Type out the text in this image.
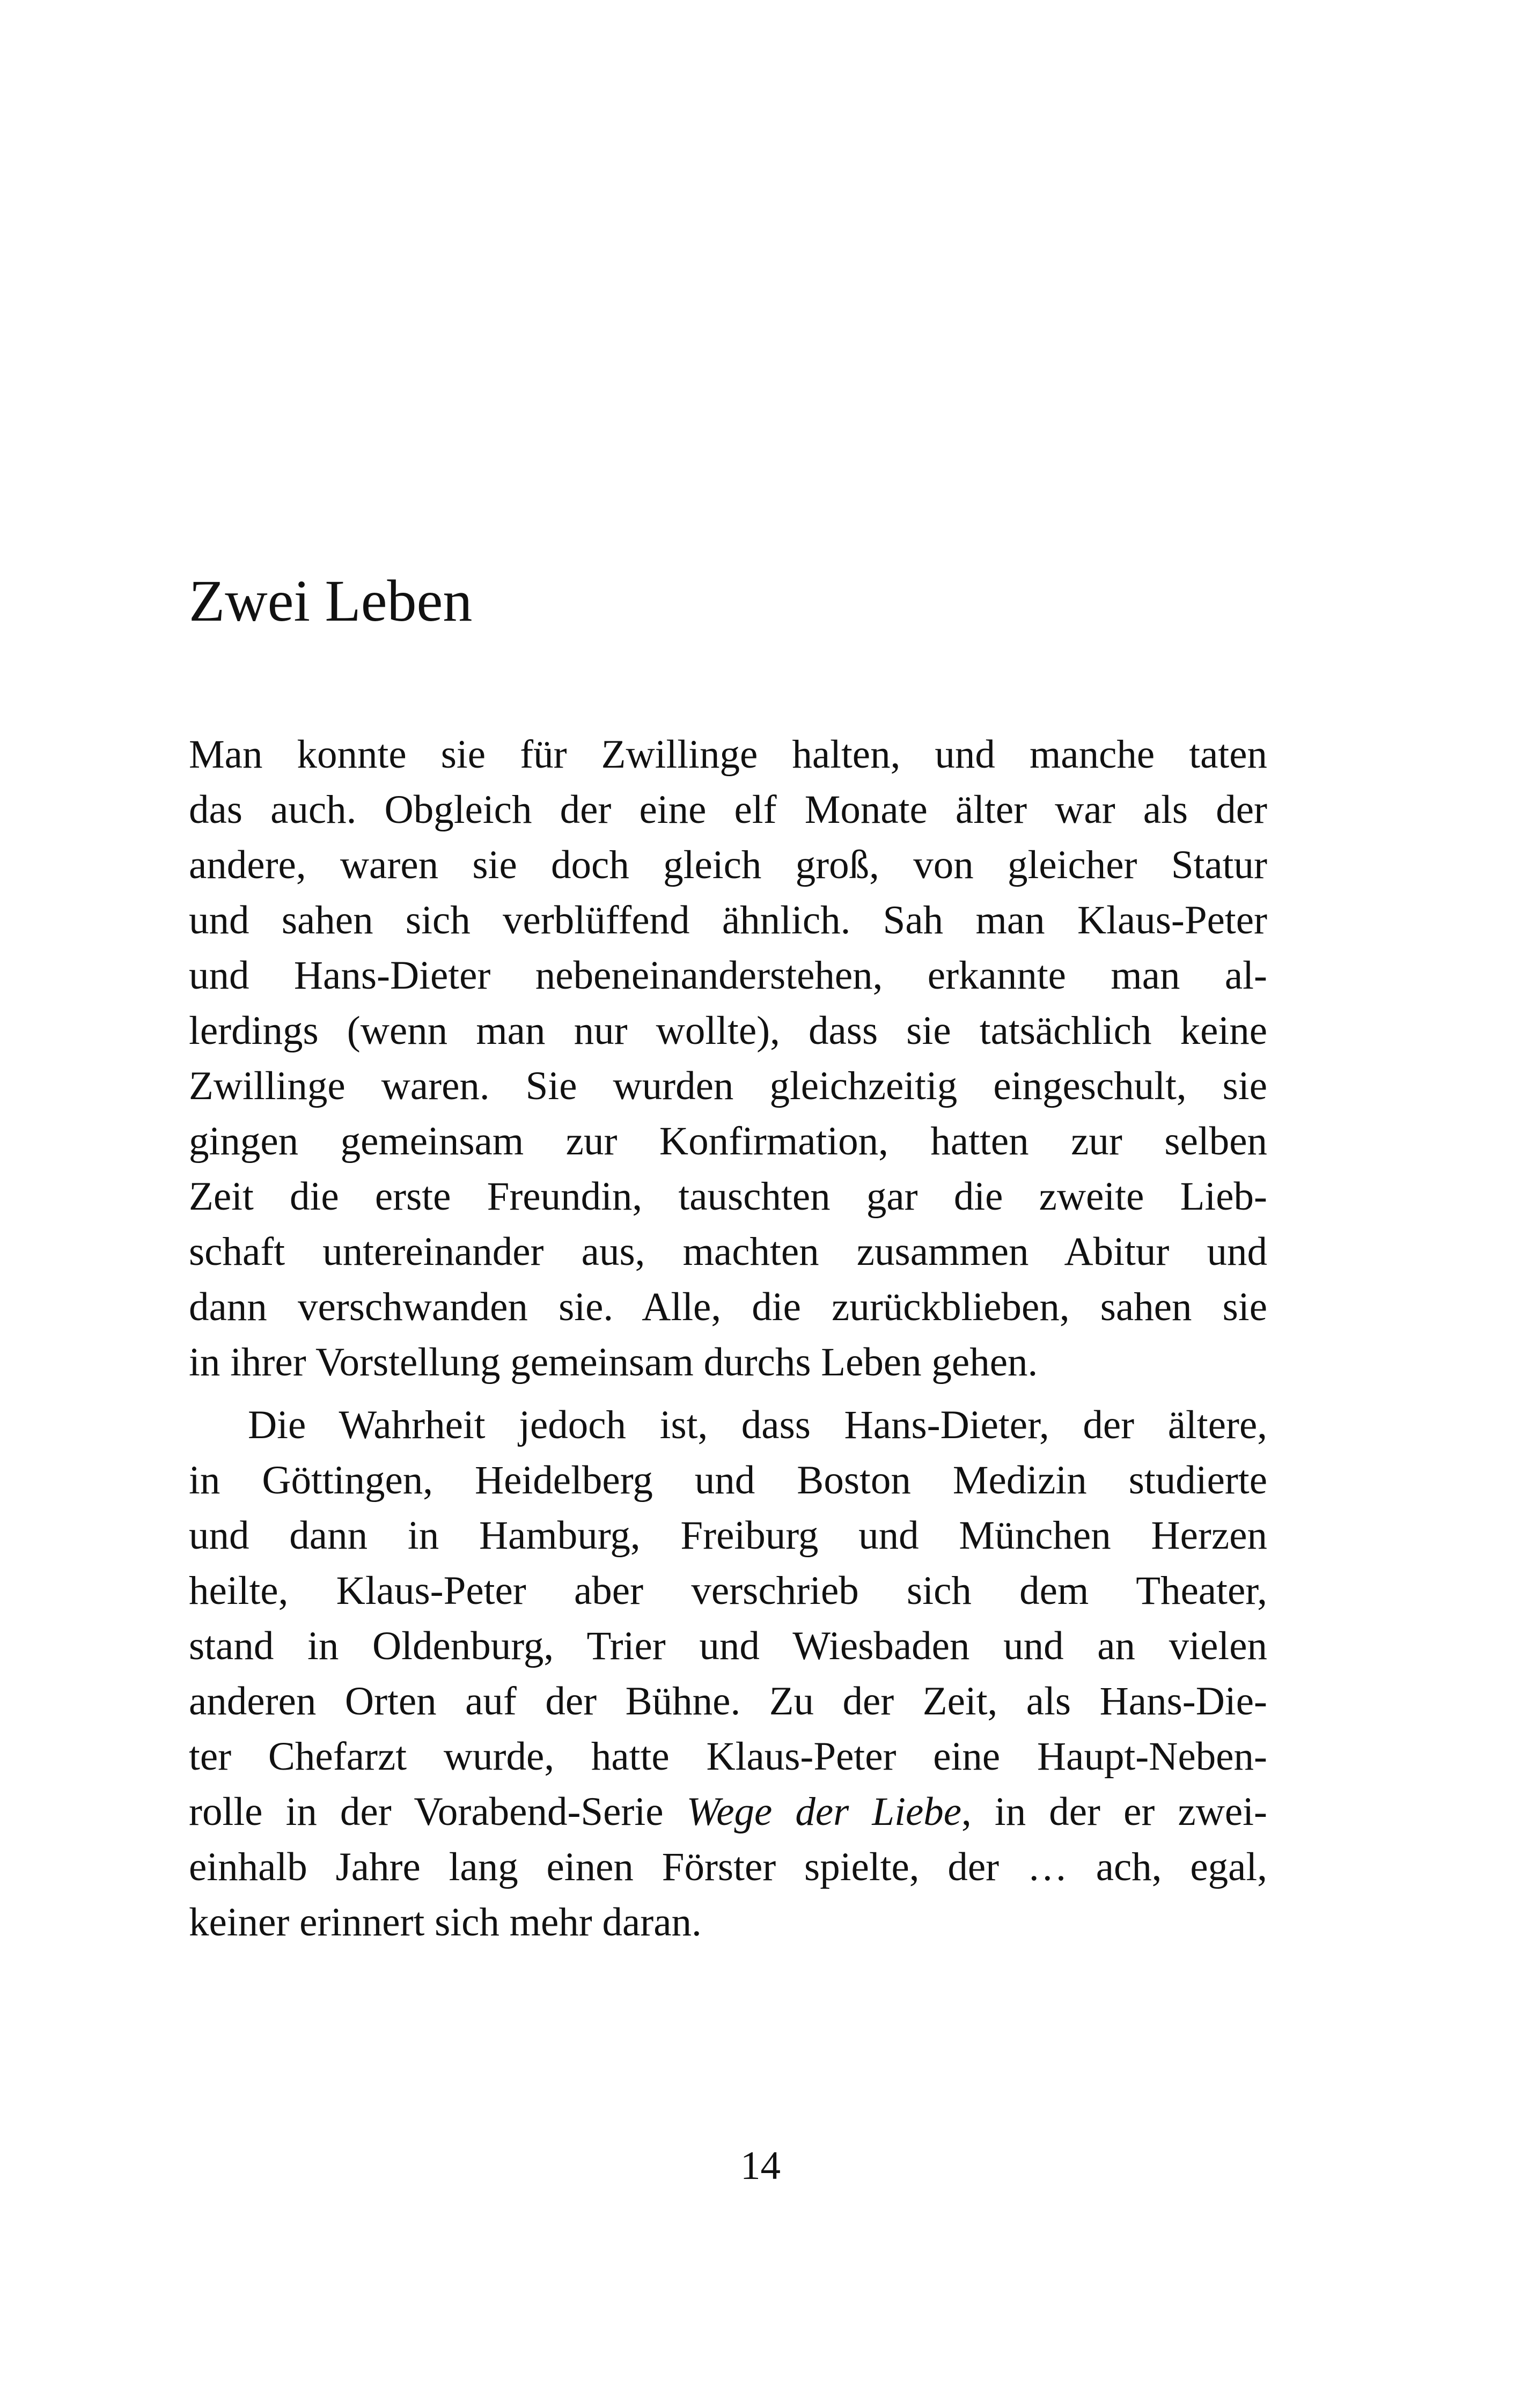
Zwei Leben

Man konnte sie für Zwillinge halten, und manche taten
das auch. Obgleich der eine elf Monate älter war als der
andere, waren sie doch gleich groß, von gleicher Statur
und sahen sich verblüffend ähnlich. Sah man Klaus-Peter
und Hans-Dieter nebeneinanderstehen, erkannte man al-
lerdings (wenn man nur wollte), dass sie tatsächlich keine
Zwillinge waren. Sie wurden gleichzeitig eingeschult, sie
gingen gemeinsam zur Konfirmation, hatten zur selben
Zeit die erste Freundin, tauschten gar die zweite Lieb-
schaft untereinander aus, machten zusammen Abitur und
dann verschwanden sie. Alle, die zurückblieben, sahen sie
in ihrer Vorstellung gemeinsam durchs Leben gehen.

Die Wahrheit jedoch ist, dass Hans-Dieter, der ältere,
in Göttingen, Heidelberg und Boston Medizin studierte
und dann in Hamburg, Freiburg und München Herzen
heilte, Klaus-Peter aber verschrieb sich dem Theater,
stand in Oldenburg, Trier und Wiesbaden und an vielen
anderen Orten auf der Bühne. Zu der Zeit, als Hans-Die-
ter Chefarzt wurde, hatte Klaus-Peter eine Haupt-Neben-
rolle in der Vorabend-Serie Wege der Liebe, in der er zwei-
einhalb Jahre lang einen Förster spielte, der … ach, egal,
keiner erinnert sich mehr daran.

14
